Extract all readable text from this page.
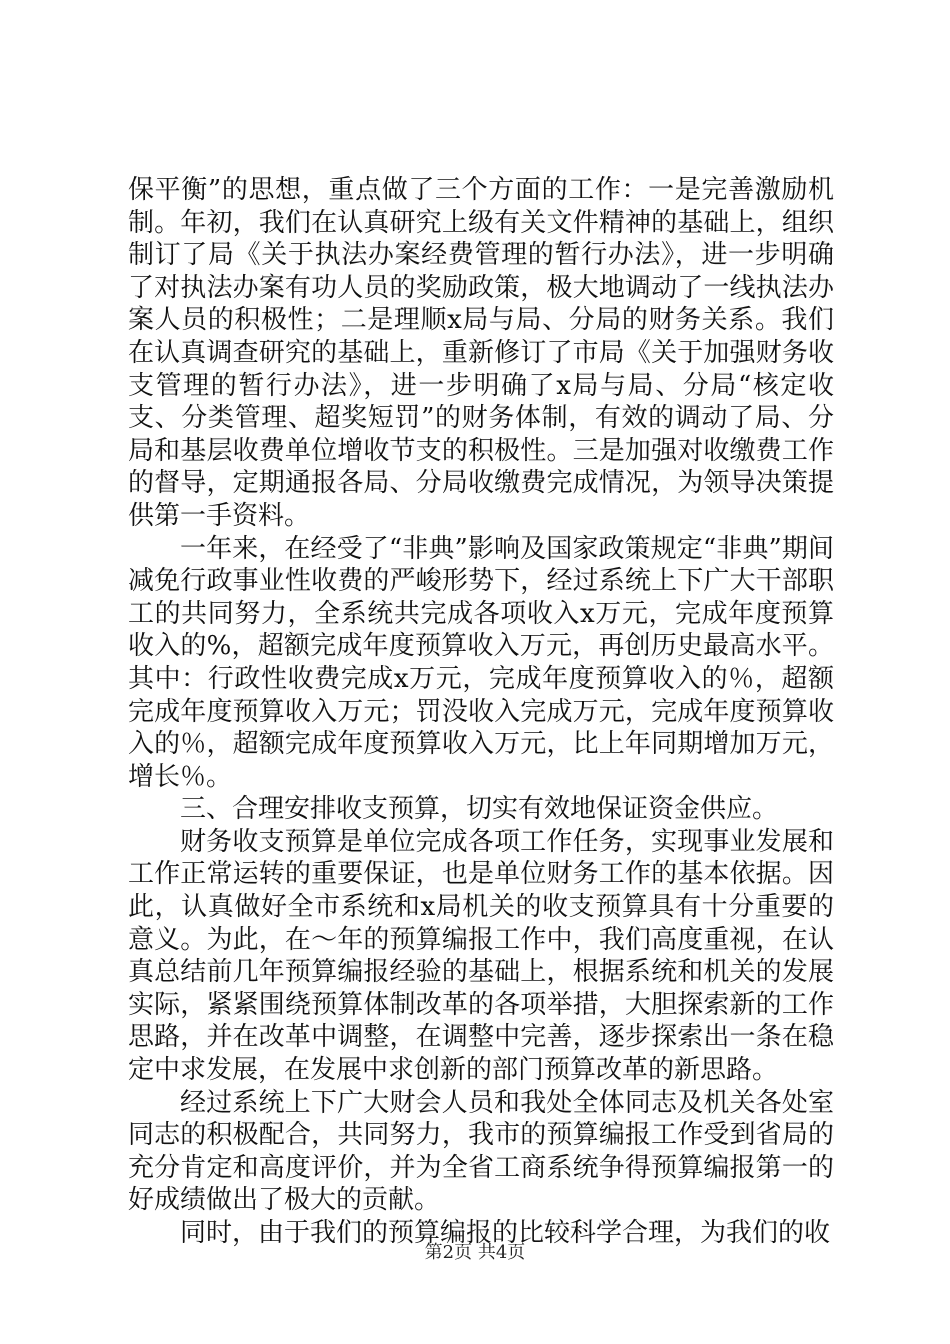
保平衡”的思想，重点做了三个方面的工作：一是完善激励机制。年初，我们在认真研究上级有关文件精神的基础上，组织制订了局《关于执法办案经费管理的暂行办法》，进一步明确了对执法办案有功人员的奖励政策，极大地调动了一线执法办案人员的积极性；二是理顺x局与局、分局的财务关系。我们在认真调查研究的基础上，重新修订了市局《关于加强财务收支管理的暂行办法》，进一步明确了x局与局、分局“核定收支、分类管理、超奖短罚”的财务体制，有效的调动了局、分局和基层收费单位增收节支的积极性。三是加强对收缴费工作的督导，定期通报各局、分局收缴费完成情况，为领导决策提供第一手资料。

一年来，在经受了“非典”影响及国家政策规定“非典”期间减免行政事业性收费的严峻形势下，经过系统上下广大干部职工的共同努力，全系统共完成各项收入x万元，完成年度预算收入的%，超额完成年度预算收入万元，再创历史最高水平。其中：行政性收费完成x万元，完成年度预算收入的％，超额完成年度预算收入万元；罚没收入完成万元，完成年度预算收入的％，超额完成年度预算收入万元，比上年同期增加万元，增长％。

三、合理安排收支预算，切实有效地保证资金供应。

财务收支预算是单位完成各项工作任务，实现事业发展和工作正常运转的重要保证，也是单位财务工作的基本依据。因此，认真做好全市系统和x局机关的收支预算具有十分重要的意义。为此，在～年的预算编报工作中，我们高度重视，在认真总结前几年预算编报经验的基础上，根据系统和机关的发展实际，紧紧围绕预算体制改革的各项举措，大胆探索新的工作思路，并在改革中调整，在调整中完善，逐步探索出一条在稳定中求发展，在发展中求创新的部门预算改革的新思路。

经过系统上下广大财会人员和我处全体同志及机关各处室同志的积极配合，共同努力，我市的预算编报工作受到省局的充分肯定和高度评价，并为全省工商系统争得预算编报第一的好成绩做出了极大的贡献。

同时，由于我们的预算编报的比较科学合理，为我们的收

第2页 共4页
